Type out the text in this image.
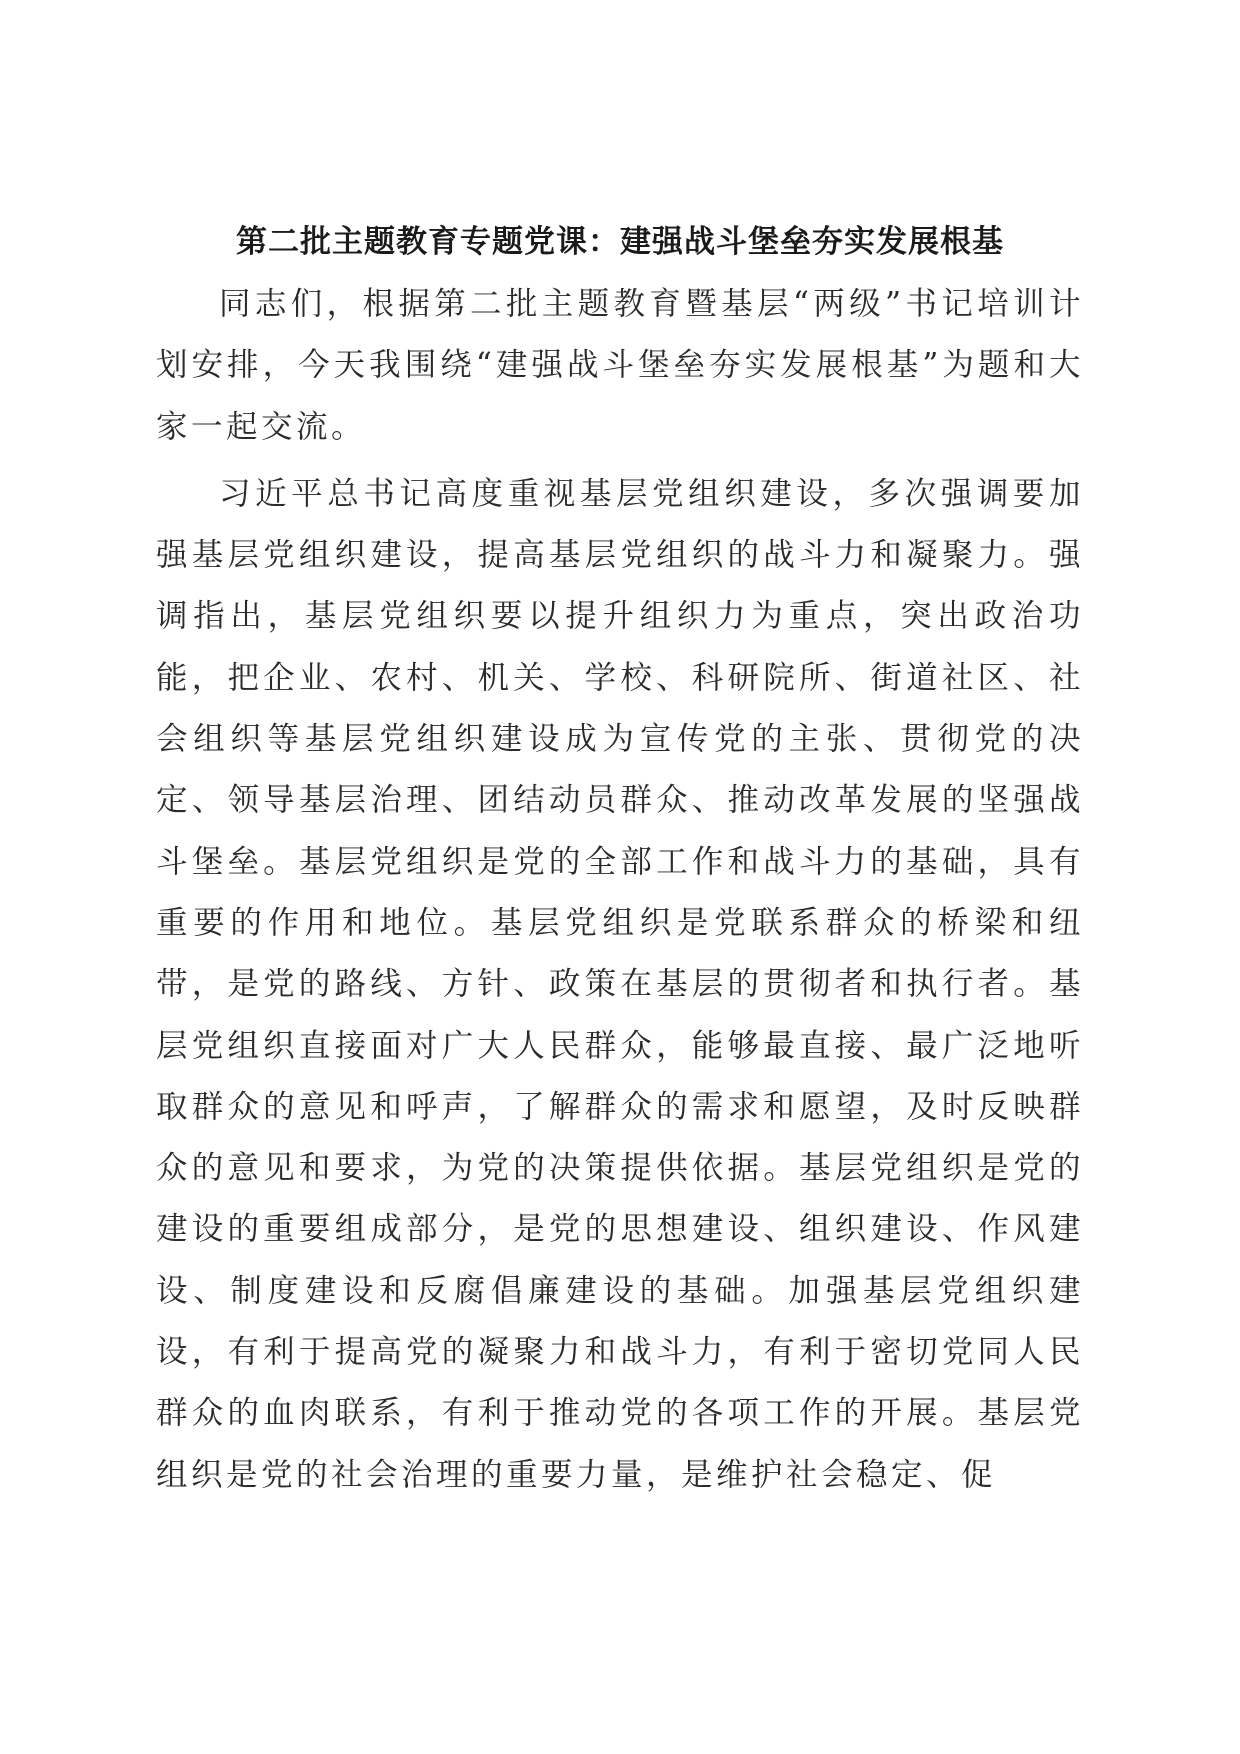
第二批主题教育专题党课：建强战斗堡垒夯实发展根基

同志们，根据第二批主题教育暨基层“两级”书记培训计划安排，今天我围绕“建强战斗堡垒夯实发展根基”为题和大家一起交流。

习近平总书记高度重视基层党组织建设，多次强调要加强基层党组织建设，提高基层党组织的战斗力和凝聚力。强调指出，基层党组织要以提升组织力为重点，突出政治功能，把企业、农村、机关、学校、科研院所、街道社区、社会组织等基层党组织建设成为宣传党的主张、贯彻党的决定、领导基层治理、团结动员群众、推动改革发展的坚强战斗堡垒。基层党组织是党的全部工作和战斗力的基础，具有重要的作用和地位。基层党组织是党联系群众的桥梁和纽带，是党的路线、方针、政策在基层的贯彻者和执行者。基层党组织直接面对广大人民群众，能够最直接、最广泛地听取群众的意见和呼声，了解群众的需求和愿望，及时反映群众的意见和要求，为党的决策提供依据。基层党组织是党的建设的重要组成部分，是党的思想建设、组织建设、作风建设、制度建设和反腐倡廉建设的基础。加强基层党组织建设，有利于提高党的凝聚力和战斗力，有利于密切党同人民群众的血肉联系，有利于推动党的各项工作的开展。基层党组织是党的社会治理的重要力量，是维护社会稳定、促
